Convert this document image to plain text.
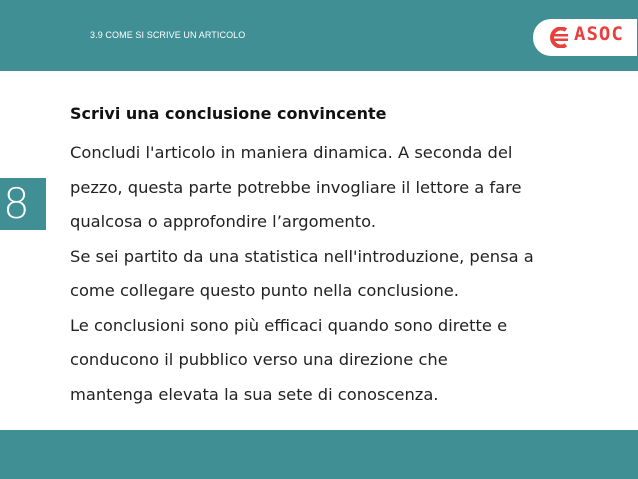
3.9 COME SI SCRIVE UN ARTICOLO	ASOC
8
Scrivi una conclusione convincente
Concludi l'articolo in maniera dinamica. A seconda del
pezzo, questa parte potrebbe invogliare il lettore a fare
qualcosa o approfondire l’argomento.
Se sei partito da una statistica nell'introduzione, pensa a
come collegare questo punto nella conclusione.
Le conclusioni sono più efficaci quando sono dirette e
conducono il pubblico verso una direzione che
mantenga elevata la sua sete di conoscenza.
